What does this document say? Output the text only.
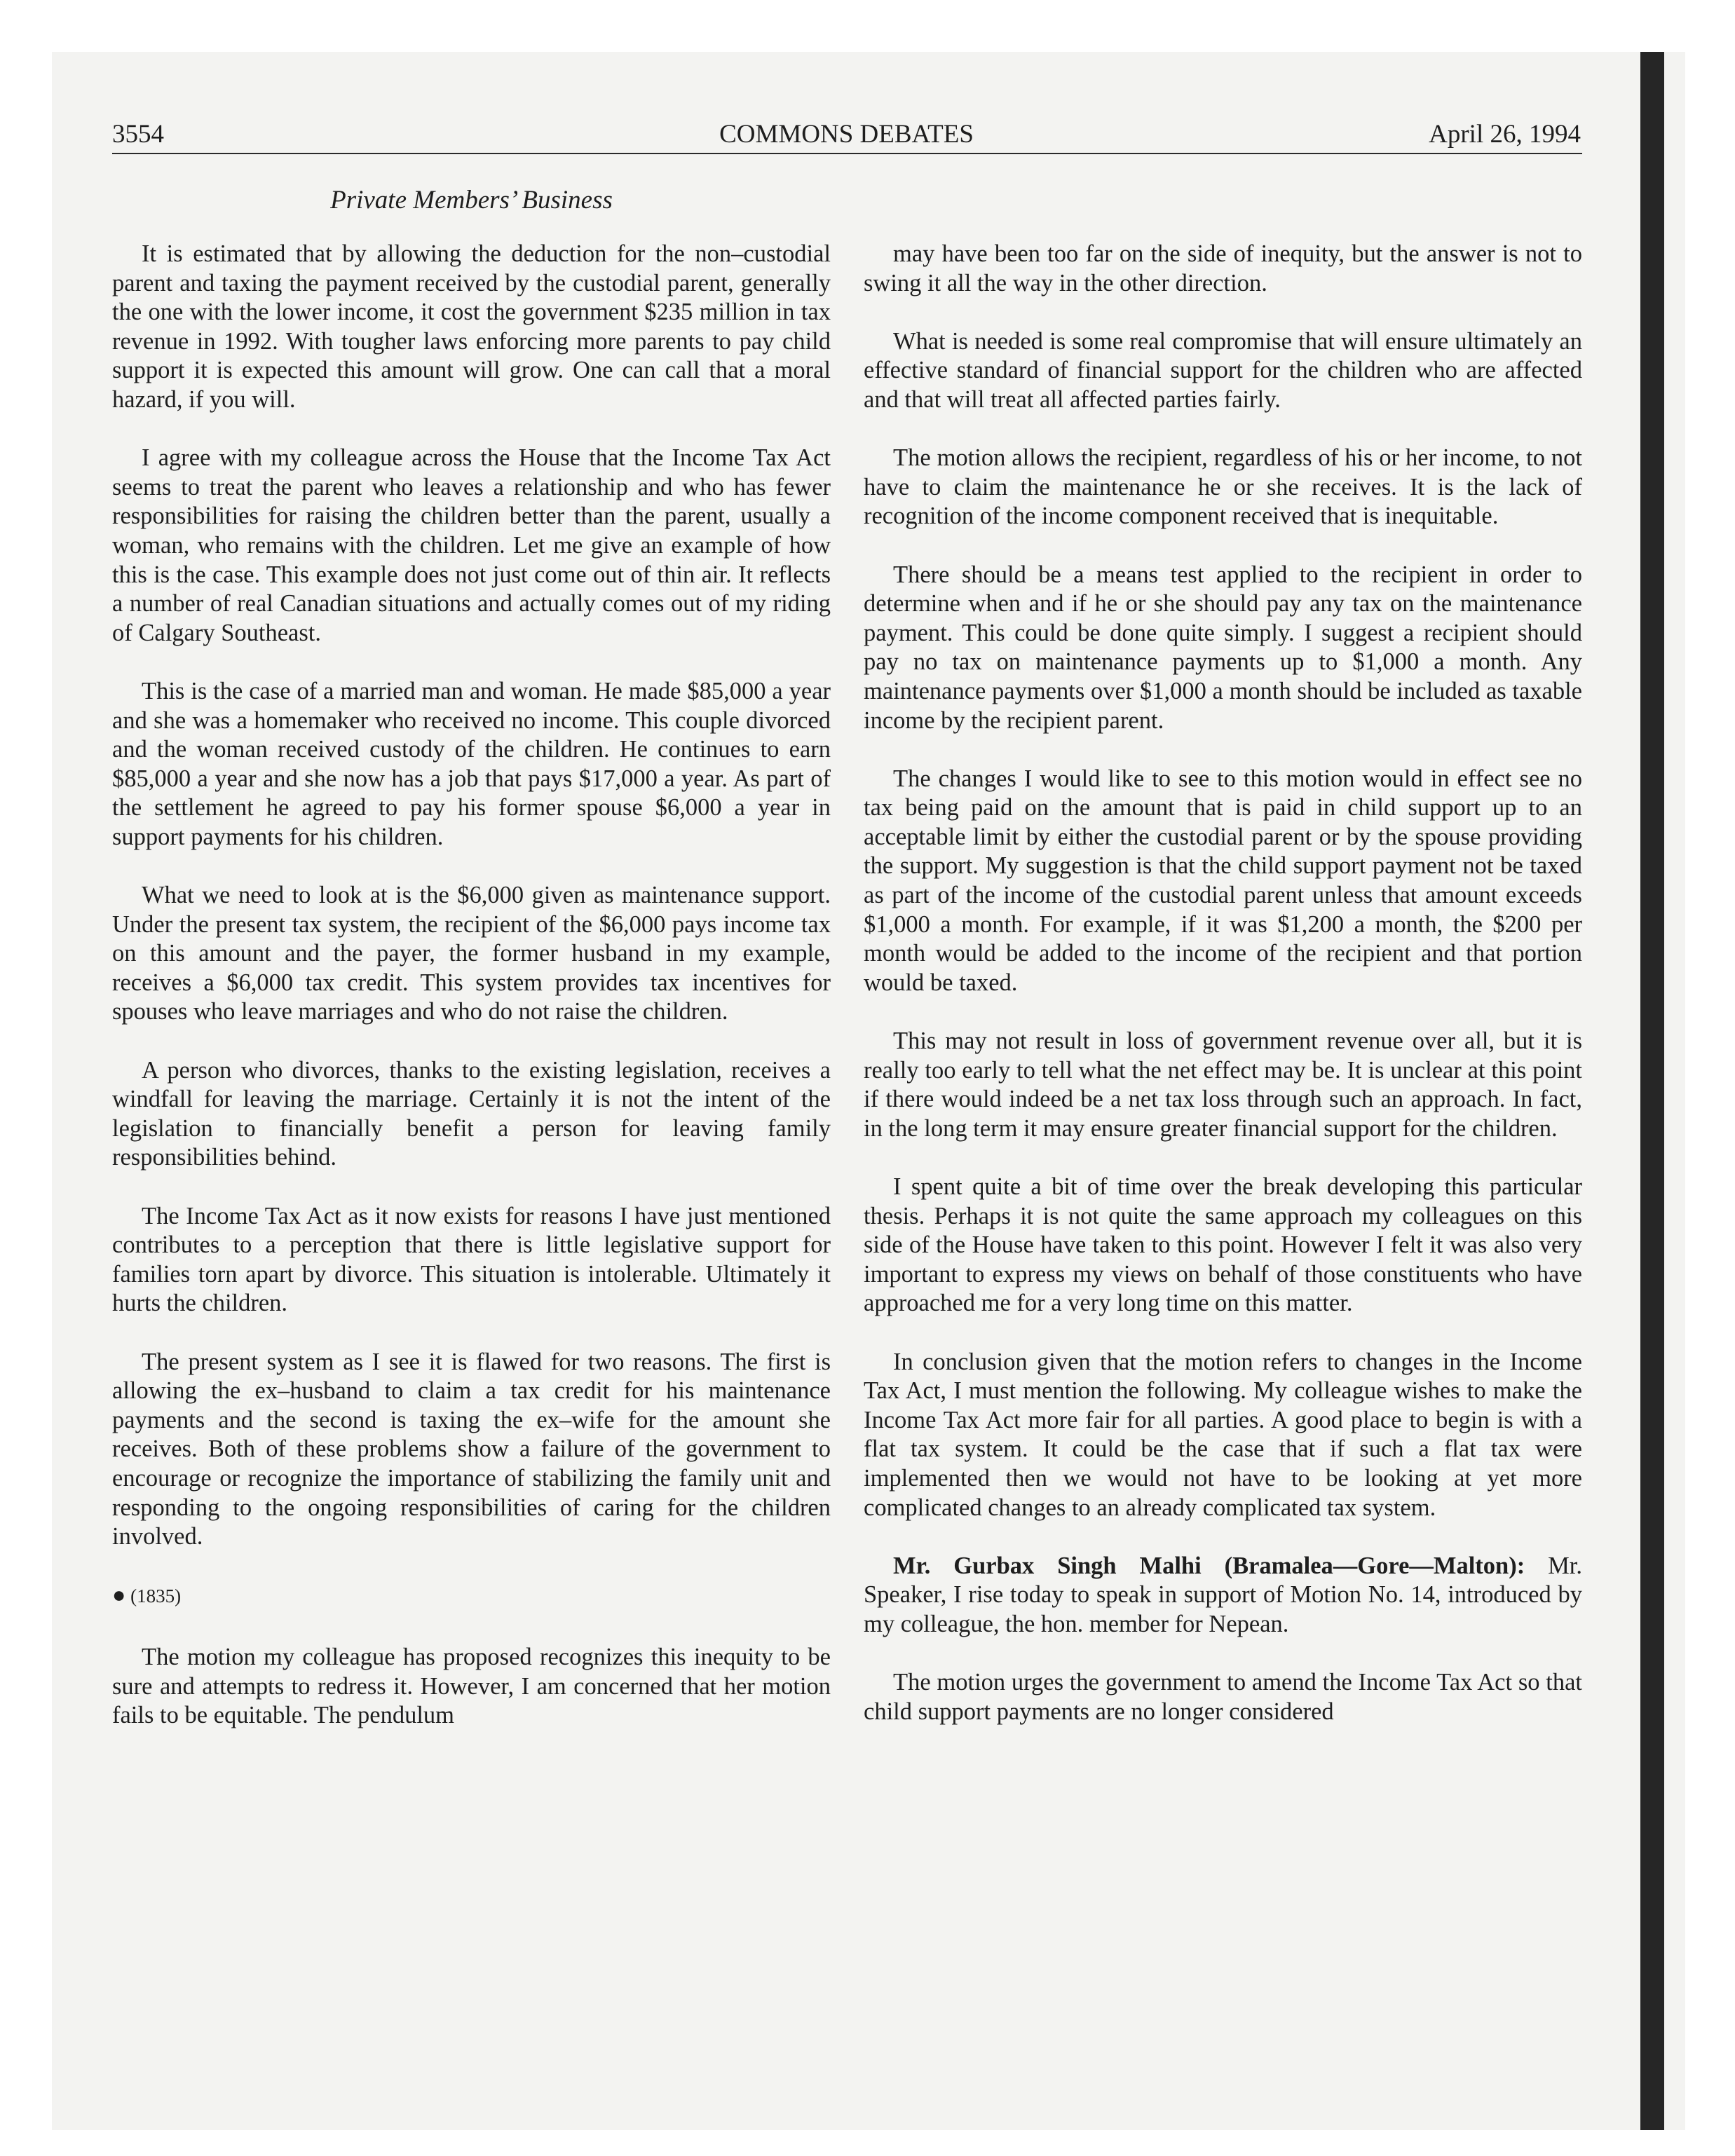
3554	COMMONS DEBATES	April 26, 1994
Private Members’ Business

It is estimated that by allowing the deduction for the non–custodial parent and taxing the payment received by the custodial parent, generally the one with the lower income, it cost the government $235 million in tax revenue in 1992. With tougher laws enforcing more parents to pay child support it is expected this amount will grow. One can call that a moral hazard, if you will.

I agree with my colleague across the House that the Income Tax Act seems to treat the parent who leaves a relationship and who has fewer responsibilities for raising the children better than the parent, usually a woman, who remains with the children. Let me give an example of how this is the case. This example does not just come out of thin air. It reflects a number of real Canadian situations and actually comes out of my riding of Calgary Southeast.

This is the case of a married man and woman. He made $85,000 a year and she was a homemaker who received no income. This couple divorced and the woman received custody of the children. He continues to earn $85,000 a year and she now has a job that pays $17,000 a year. As part of the settlement he agreed to pay his former spouse $6,000 a year in support payments for his children.

What we need to look at is the $6,000 given as maintenance support. Under the present tax system, the recipient of the $6,000 pays income tax on this amount and the payer, the former husband in my example, receives a $6,000 tax credit. This system provides tax incentives for spouses who leave marriages and who do not raise the children.

A person who divorces, thanks to the existing legislation, receives a windfall for leaving the marriage. Certainly it is not the intent of the legislation to financially benefit a person for leaving family responsibilities behind.

The Income Tax Act as it now exists for reasons I have just mentioned contributes to a perception that there is little legislative support for families torn apart by divorce. This situation is intolerable. Ultimately it hurts the children.

The present system as I see it is flawed for two reasons. The first is allowing the ex–husband to claim a tax credit for his maintenance payments and the second is taxing the ex–wife for the amount she receives. Both of these problems show a failure of the government to encourage or recognize the importance of stabilizing the family unit and responding to the ongoing responsibilities of caring for the children involved.

● (1835)

The motion my colleague has proposed recognizes this inequity to be sure and attempts to redress it. However, I am concerned that her motion fails to be equitable. The pendulum

may have been too far on the side of inequity, but the answer is not to swing it all the way in the other direction.

What is needed is some real compromise that will ensure ultimately an effective standard of financial support for the children who are affected and that will treat all affected parties fairly.

The motion allows the recipient, regardless of his or her income, to not have to claim the maintenance he or she receives. It is the lack of recognition of the income component received that is inequitable.

There should be a means test applied to the recipient in order to determine when and if he or she should pay any tax on the maintenance payment. This could be done quite simply. I suggest a recipient should pay no tax on maintenance payments up to $1,000 a month. Any maintenance payments over $1,000 a month should be included as taxable income by the recipient parent.

The changes I would like to see to this motion would in effect see no tax being paid on the amount that is paid in child support up to an acceptable limit by either the custodial parent or by the spouse providing the support. My suggestion is that the child support payment not be taxed as part of the income of the custodial parent unless that amount exceeds $1,000 a month. For example, if it was $1,200 a month, the $200 per month would be added to the income of the recipient and that portion would be taxed.

This may not result in loss of government revenue over all, but it is really too early to tell what the net effect may be. It is unclear at this point if there would indeed be a net tax loss through such an approach. In fact, in the long term it may ensure greater financial support for the children.

I spent quite a bit of time over the break developing this particular thesis. Perhaps it is not quite the same approach my colleagues on this side of the House have taken to this point. However I felt it was also very important to express my views on behalf of those constituents who have approached me for a very long time on this matter.

In conclusion given that the motion refers to changes in the Income Tax Act, I must mention the following. My colleague wishes to make the Income Tax Act more fair for all parties. A good place to begin is with a flat tax system. It could be the case that if such a flat tax were implemented then we would not have to be looking at yet more complicated changes to an already complicated tax system.

Mr. Gurbax Singh Malhi (Bramalea—Gore—Malton): Mr. Speaker, I rise today to speak in support of Motion No. 14, introduced by my colleague, the hon. member for Nepean.

The motion urges the government to amend the Income Tax Act so that child support payments are no longer considered
